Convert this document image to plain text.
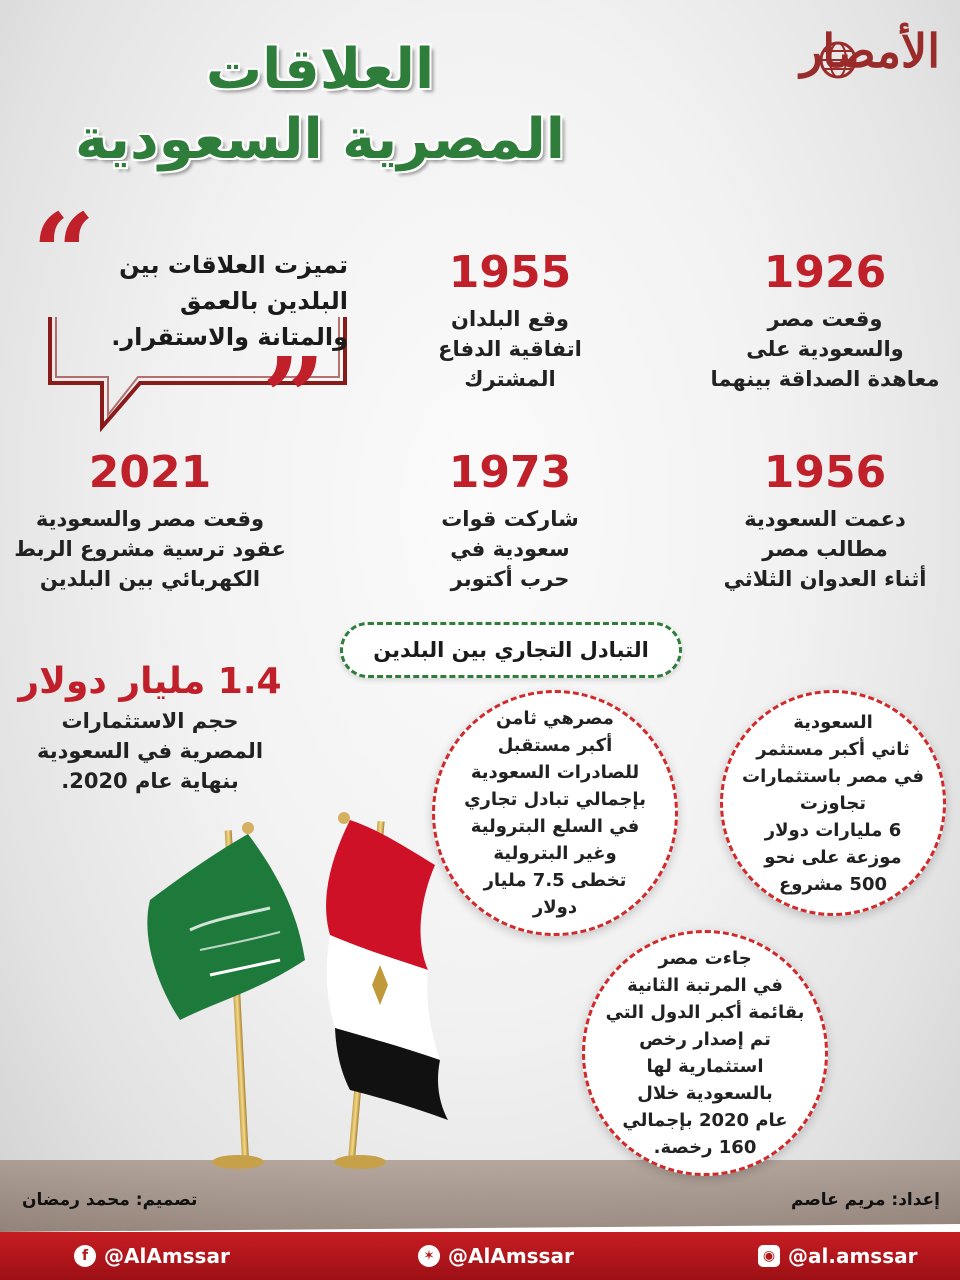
العلاقات
المصرية السعودية
الأمصار
“
”
تميزت العلاقات بين البلدين بالعمق والمتانة والاستقرار.
1926
وقعت مصر
والسعودية على
معاهدة الصداقة بينهما
1955
وقع البلدان
اتفاقية الدفاع
المشترك
1956
دعمت السعودية
مطالب مصر
أثناء العدوان الثلاثي
1973
شاركت قوات
سعودية في
حرب أكتوبر
2021
وقعت مصر والسعودية
عقود ترسية مشروع الربط
الكهربائي بين البلدين
التبادل التجاري بين البلدين
1.4 مليار دولار
حجم الاستثمارات
المصرية في السعودية
بنهاية عام 2020.
مصرهي ثامن
أكبر مستقبل
للصادرات السعودية
بإجمالي تبادل تجاري
في السلع البترولية
وغير البترولية
تخطى 7.5 مليار
دولار
السعودية
ثاني أكبر مستثمر
في مصر باستثمارات
تجاوزت
6 مليارات دولار
موزعة على نحو
500 مشروع
جاءت مصر
في المرتبة الثانية
بقائمة أكبر الدول التي
تم إصدار رخص
استثمارية لها
بالسعودية خلال
عام 2020 بإجمالي
160 رخصة.
تصميم: محمد رمضان	إعداد: مريم عاصم
f @AlAmssar	✶ @AlAmssar	◉ @al.amssar
